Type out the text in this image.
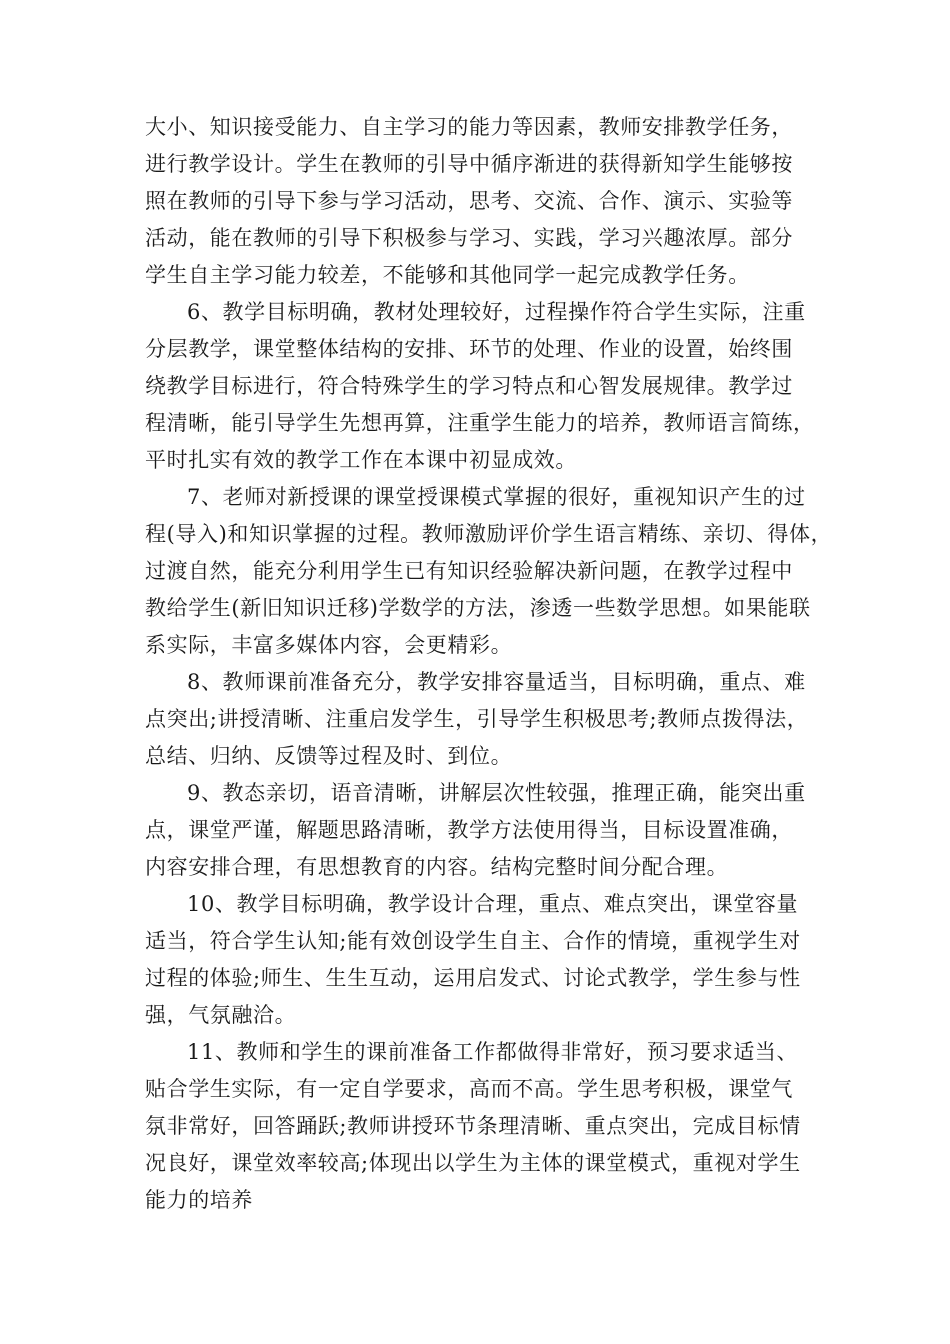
大小、知识接受能力、自主学习的能力等因素，教师安排教学任务，
进行教学设计。学生在教师的引导中循序渐进的获得新知学生能够按
照在教师的引导下参与学习活动，思考、交流、合作、演示、实验等
活动，能在教师的引导下积极参与学习、实践，学习兴趣浓厚。部分
学生自主学习能力较差，不能够和其他同学一起完成教学任务。
6、教学目标明确，教材处理较好，过程操作符合学生实际，注重
分层教学，课堂整体结构的安排、环节的处理、作业的设置，始终围
绕教学目标进行，符合特殊学生的学习特点和心智发展规律。教学过
程清晰，能引导学生先想再算，注重学生能力的培养，教师语言简练，
平时扎实有效的教学工作在本课中初显成效。
7、老师对新授课的课堂授课模式掌握的很好，重视知识产生的过
程(导入)和知识掌握的过程。教师激励评价学生语言精练、亲切、得体，
过渡自然，能充分利用学生已有知识经验解决新问题，在教学过程中
教给学生(新旧知识迁移)学数学的方法，渗透一些数学思想。如果能联
系实际，丰富多媒体内容，会更精彩。
8、教师课前准备充分，教学安排容量适当，目标明确，重点、难
点突出;讲授清晰、注重启发学生，引导学生积极思考;教师点拨得法，
总结、归纳、反馈等过程及时、到位。
9、教态亲切，语音清晰，讲解层次性较强，推理正确，能突出重
点，课堂严谨，解题思路清晰，教学方法使用得当，目标设置准确，
内容安排合理，有思想教育的内容。结构完整时间分配合理。
10、教学目标明确，教学设计合理，重点、难点突出，课堂容量
适当，符合学生认知;能有效创设学生自主、合作的情境，重视学生对
过程的体验;师生、生生互动，运用启发式、讨论式教学，学生参与性
强，气氛融洽。
11、教师和学生的课前准备工作都做得非常好，预习要求适当、
贴合学生实际，有一定自学要求，高而不高。学生思考积极，课堂气
氛非常好，回答踊跃;教师讲授环节条理清晰、重点突出，完成目标情
况良好，课堂效率较高;体现出以学生为主体的课堂模式，重视对学生
能力的培养
